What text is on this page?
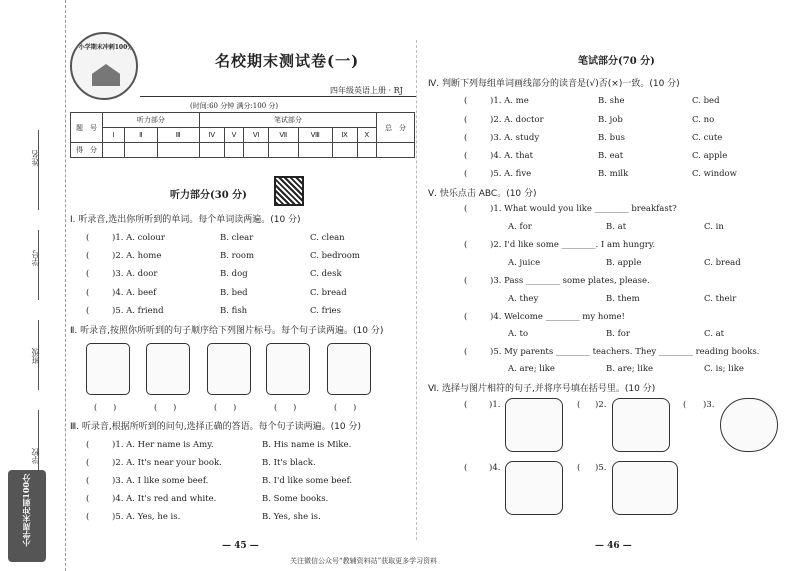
姓名
学号
班级
学校
小学周末冲刺100分
小学期末冲刺100分
名校期末测试卷(一)
四年级英语上册 · RJ
(时间:60 分钟 满分:100 分)
题　号	听力部分			笔试部分							总　分
	Ⅰ	Ⅱ	Ⅲ	Ⅳ	Ⅴ	Ⅵ	Ⅶ	Ⅷ	Ⅸ	Ⅹ	
得　分											
听力部分(30 分)
Ⅰ. 听录音,选出你所听到的单词。每个单词读两遍。(10 分)
(	)1. A. colour	B. clear	C. clean
(	)2. A. home	B. room	C. bedroom
(	)3. A. door	B. dog	C. desk
(	)4. A. beef	B. bed	C. bread
(	)5. A. friend	B. fish	C. fries
Ⅱ. 听录音,按照你所听到的句子顺序给下列图片标号。每个句子读两遍。(10 分)
(　　)	(　　)	(　　)	(　　)	(　　)
Ⅲ. 听录音,根据所听到的问句,选择正确的答语。每个句子读两遍。(10 分)
(	)1. A. Her name is Amy.	B. His name is Mike.
(	)2. A. It's near your book.	B. It's black.
(	)3. A. I like some beef.	B. I'd like some beef.
(	)4. A. It's red and white.	B. Some books.
(	)5. A. Yes, he is.	B. Yes, she is.
— 45 —
笔试部分(70 分)
Ⅳ. 判断下列每组单词画线部分的读音是(√)否(×)一致。(10 分)
(	)1. A. me	B. she	C. bed
(	)2. A. doctor	B. job	C. no
(	)3. A. study	B. bus	C. cute
(	)4. A. that	B. eat	C. apple
(	)5. A. five	B. milk	C. window
Ⅴ. 快乐点击 ABC。(10 分)
(	)1. What would you like ________ breakfast?
A. for	B. at	C. in
(	)2. I'd like some ________. I am hungry.
A. juice	B. apple	C. bread
(	)3. Pass ________ some plates, please.
A. they	B. them	C. their
(	)4. Welcome ________ my home!
A. to	B. for	C. at
(	)5. My parents ________ teachers. They ________ reading books.
A. are; like	B. are; like	C. is; like
Ⅵ. 选择与图片相符的句子,并将序号填在括号里。(10 分)
(	)1.	( )2.	( )3.
(	)4.	( )5.
— 46 —
关注微信公众号“教辅资料站”获取更多学习资料
